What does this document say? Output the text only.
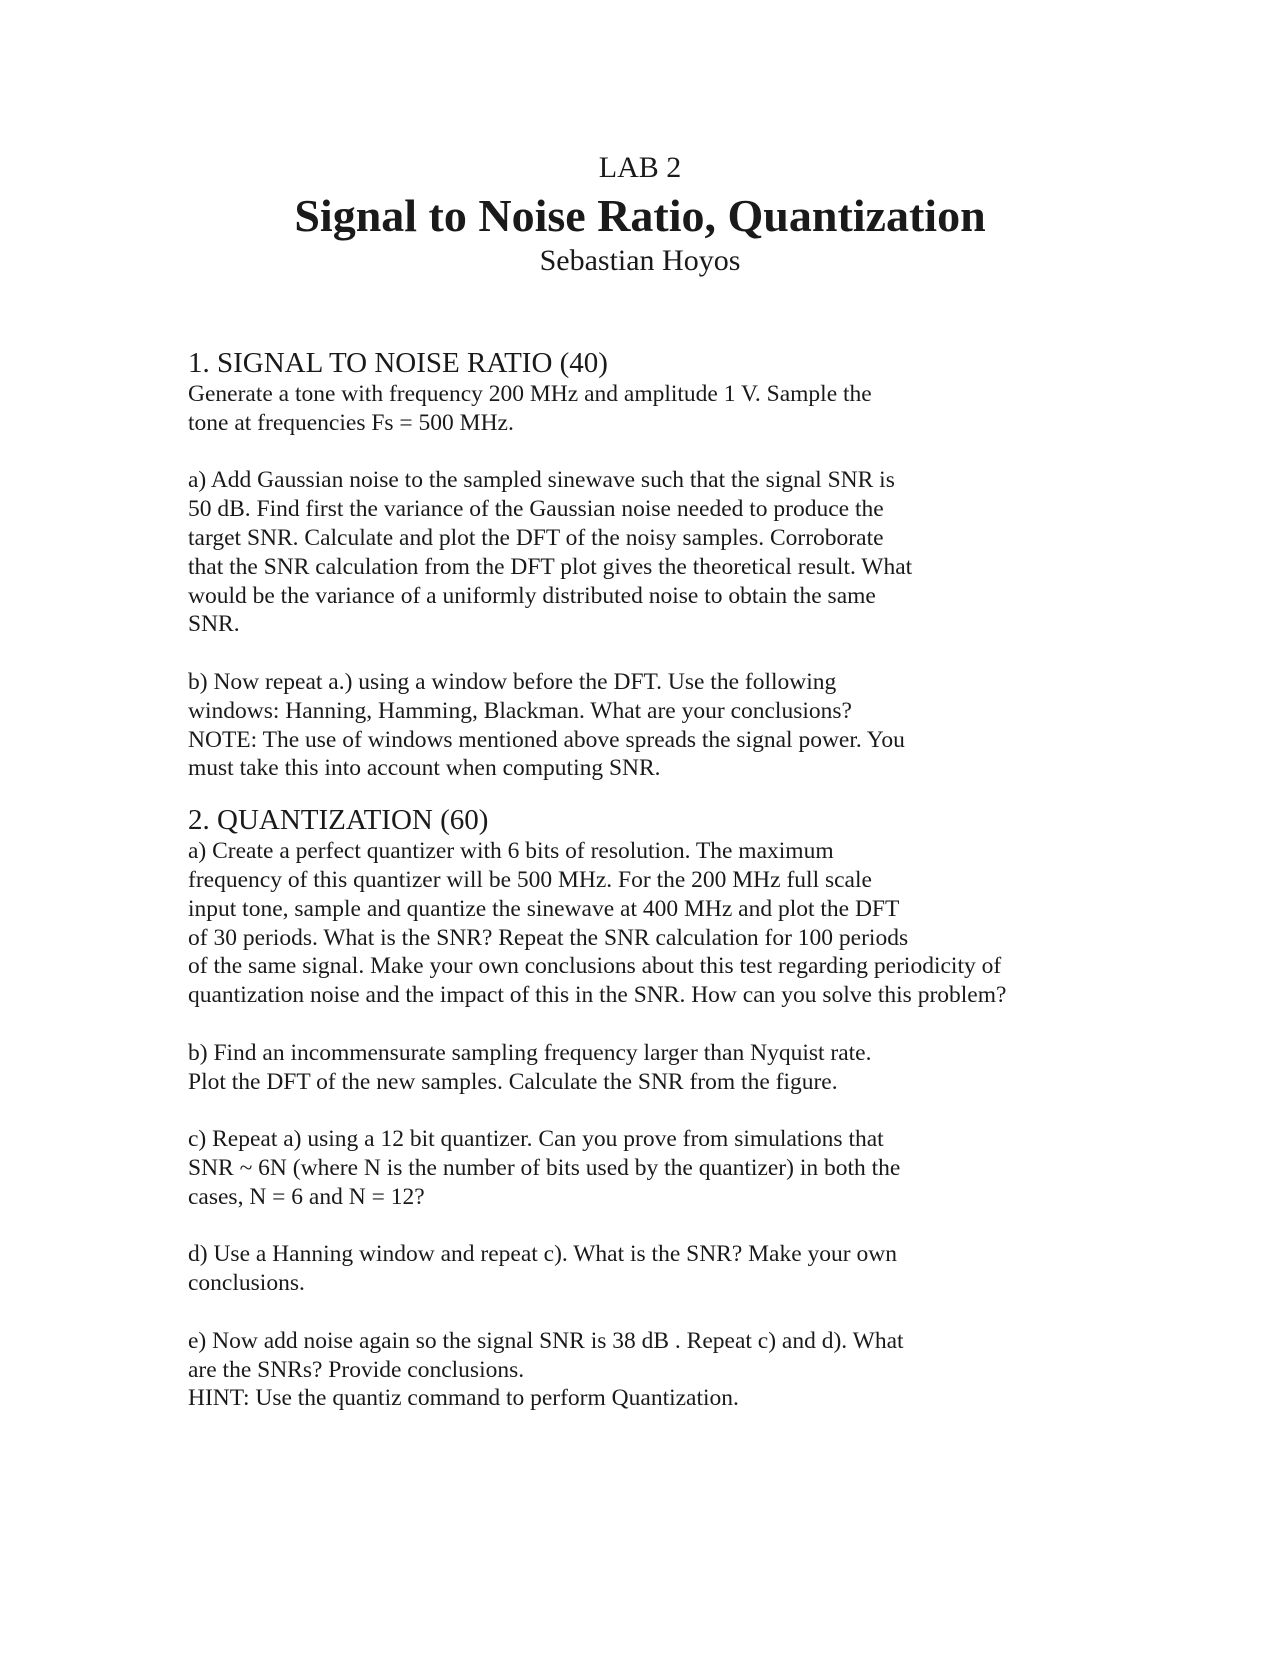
LAB 2
Signal to Noise Ratio, Quantization
Sebastian Hoyos
1. SIGNAL TO NOISE RATIO (40)

Generate a tone with frequency 200 MHz and amplitude 1 V. Sample the
tone at frequencies Fs = 500 MHz.

a) Add Gaussian noise to the sampled sinewave such that the signal SNR is
50 dB. Find first the variance of the Gaussian noise needed to produce the
target SNR. Calculate and plot the DFT of the noisy samples. Corroborate
that the SNR calculation from the DFT plot gives the theoretical result. What
would be the variance of a uniformly distributed noise to obtain the same
SNR.

b) Now repeat a.) using a window before the DFT. Use the following
windows: Hanning, Hamming, Blackman. What are your conclusions?

NOTE: The use of windows mentioned above spreads the signal power. You
must take this into account when computing SNR.

2. QUANTIZATION (60)

a) Create a perfect quantizer with 6 bits of resolution. The maximum
frequency of this quantizer will be 500 MHz. For the 200 MHz full scale
input tone, sample and quantize the sinewave at 400 MHz and plot the DFT
of 30 periods. What is the SNR? Repeat the SNR calculation for 100 periods
of the same signal. Make your own conclusions about this test regarding periodicity of
quantization noise and the impact of this in the SNR. How can you solve this problem?

b) Find an incommensurate sampling frequency larger than Nyquist rate.
Plot the DFT of the new samples. Calculate the SNR from the figure.

c) Repeat a) using a 12 bit quantizer. Can you prove from simulations that
SNR ~ 6N (where N is the number of bits used by the quantizer) in both the
cases, N = 6 and N = 12?

d) Use a Hanning window and repeat c). What is the SNR? Make your own
conclusions.

e) Now add noise again so the signal SNR is 38 dB . Repeat c) and d). What
are the SNRs? Provide conclusions.

HINT: Use the quantiz command to perform Quantization.
